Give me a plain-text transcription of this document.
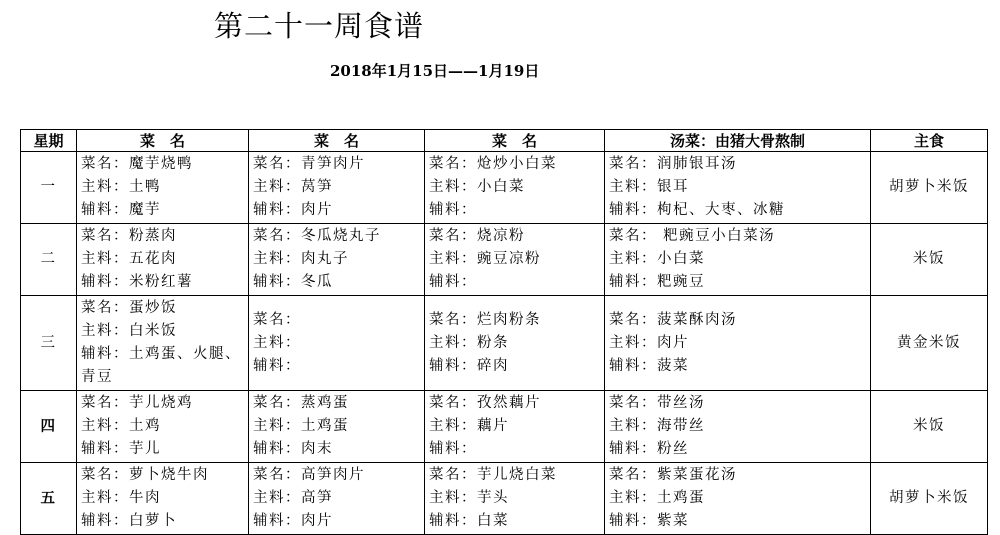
第二十一周食谱
2018年1月15日——1月19日
星期	菜　名	菜　名	菜　名	汤菜：由猪大骨熬制	主食
一	菜名：魔芋烧鸭
主料：土鸭
辅料：魔芋	菜名：青笋肉片
主料：莴笋
辅料：肉片	菜名：炝炒小白菜
主料：小白菜
辅料：	菜名：润肺银耳汤
主料：银耳
辅料：枸杞、大枣、冰糖	胡萝卜米饭
二	菜名：粉蒸肉
主料：五花肉
辅料：米粉红薯	菜名：冬瓜烧丸子
主料：肉丸子
辅料：冬瓜	菜名：烧凉粉
主料：豌豆凉粉
辅料：	菜名： 粑豌豆小白菜汤
主料：小白菜
辅料：粑豌豆	米饭
三	菜名：蛋炒饭
主料：白米饭
辅料：土鸡蛋、火腿、　青豆	菜名：
主料：
辅料：	菜名：烂肉粉条
主料：粉条
辅料：碎肉	菜名：菠菜酥肉汤
主料：肉片
辅料：菠菜	黄金米饭
四	菜名：芋儿烧鸡
主料：土鸡
辅料：芋儿	菜名：蒸鸡蛋
主料：土鸡蛋
辅料：肉末	菜名：孜然藕片
主料：藕片
辅料：	菜名：带丝汤
主料：海带丝
辅料：粉丝	米饭
五	菜名：萝卜烧牛肉
主料：牛肉
辅料：白萝卜	菜名：高笋肉片
主料：高笋
辅料：肉片	菜名：芋儿烧白菜
主料：芋头
辅料：白菜	菜名：紫菜蛋花汤
主料：土鸡蛋
辅料：紫菜	胡萝卜米饭
